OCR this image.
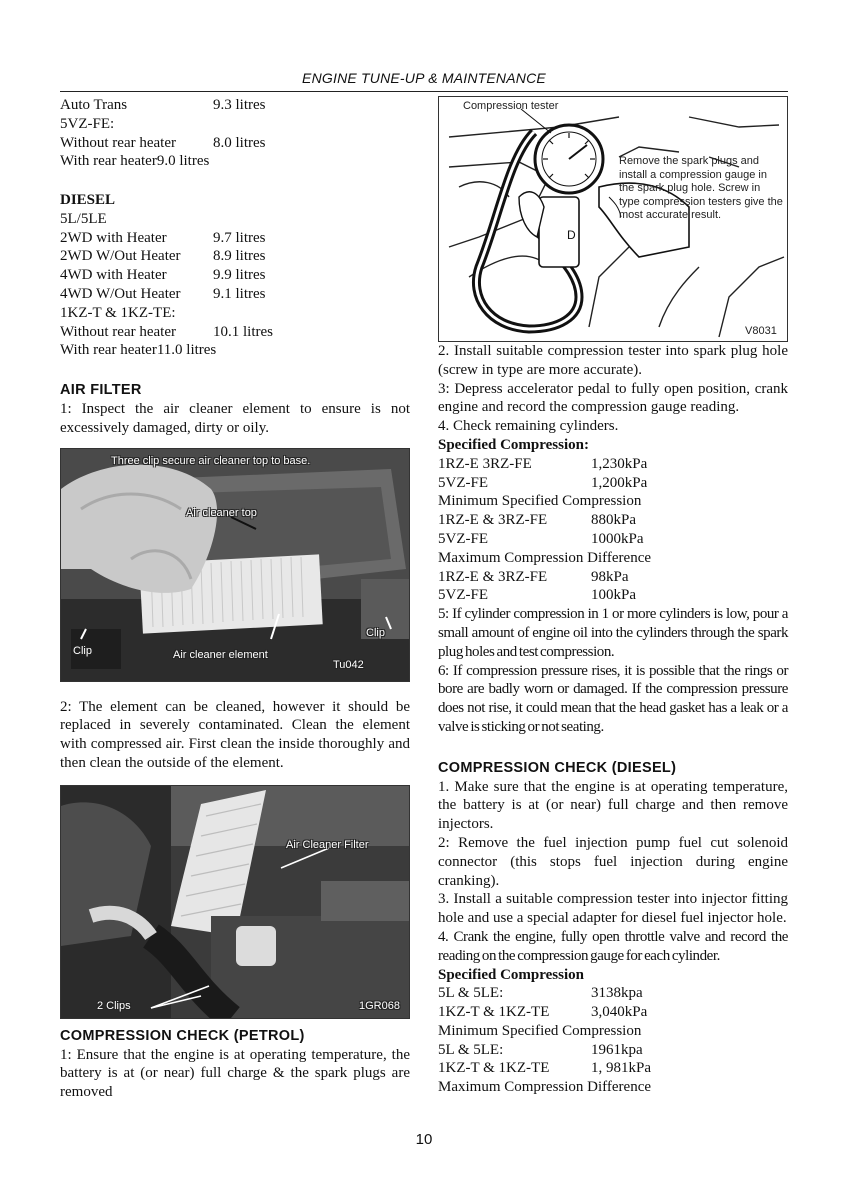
ENGINE TUNE-UP & MAINTENANCE
Auto Trans	9.3 litres
5VZ-FE:
Without rear heater	8.0 litres
With rear heater9.0 litres
DIESEL
5L/5LE
2WD with Heater	9.7 litres
2WD W/Out Heater	8.9 litres
4WD with Heater	9.9 litres
4WD W/Out Heater	9.1 litres
1KZ-T & 1KZ-TE:
Without rear heater	10.1 litres
With rear heater11.0 litres
AIR FILTER
1: Inspect the air cleaner element to ensure is not excessively damaged, dirty or oily.
Three clip secure air cleaner top to base.
Air cleaner top
Clip
Clip
Air cleaner element
Tu042
2: The element can be cleaned, however it should be replaced in severely contaminated. Clean the element with compressed air. First clean the inside thoroughly and then clean the outside of the element.
Air Cleaner Filter
2 Clips	1GR068
COMPRESSION CHECK (PETROL)
1: Ensure that the engine is at operating temperature, the battery is at (or near) full charge & the spark plugs are removed
D
Compression tester
Remove the spark plugs and install a compression gauge in the spark plug hole. Screw in type compression testers give the most accurate result.
V8031
2. Install suitable compression tester into spark plug hole (screw in type are more accurate).
3: Depress accelerator pedal to fully open position, crank engine and record the compression gauge reading.
4. Check remaining cylinders.
Specified Compression:
1RZ-E 3RZ-FE	1,230kPa
5VZ-FE	1,200kPa
Minimum Specified Compression
1RZ-E & 3RZ-FE	880kPa
5VZ-FE	1000kPa
Maximum Compression Difference
1RZ-E & 3RZ-FE	98kPa
5VZ-FE	100kPa
5: If cylinder compression in 1 or more cylinders is low, pour a small amount of engine oil into the cylinders through the spark plug holes and test compression.
6: If compression pressure rises, it is possible that the rings or bore are badly worn or damaged. If the compression pressure does not rise, it could mean that the head gasket has a leak or a valve is sticking or not seating.
COMPRESSION CHECK (DIESEL)
1. Make sure that the engine is at operating temperature, the battery is at (or near) full charge and then remove injectors.
2: Remove the fuel injection pump fuel cut solenoid connector (this stops fuel injection during engine cranking).
3. Install a suitable compression tester into injector fitting hole and use a special adapter for diesel fuel injector hole.
4. Crank the engine, fully open throttle valve and record the reading on the compression gauge for each cylinder.
Specified Compression
5L & 5LE:	3138kpa
1KZ-T & 1KZ-TE	3,040kPa
Minimum Specified Compression
5L & 5LE:	1961kpa
1KZ-T & 1KZ-TE	1, 981kPa
Maximum Compression Difference
10
